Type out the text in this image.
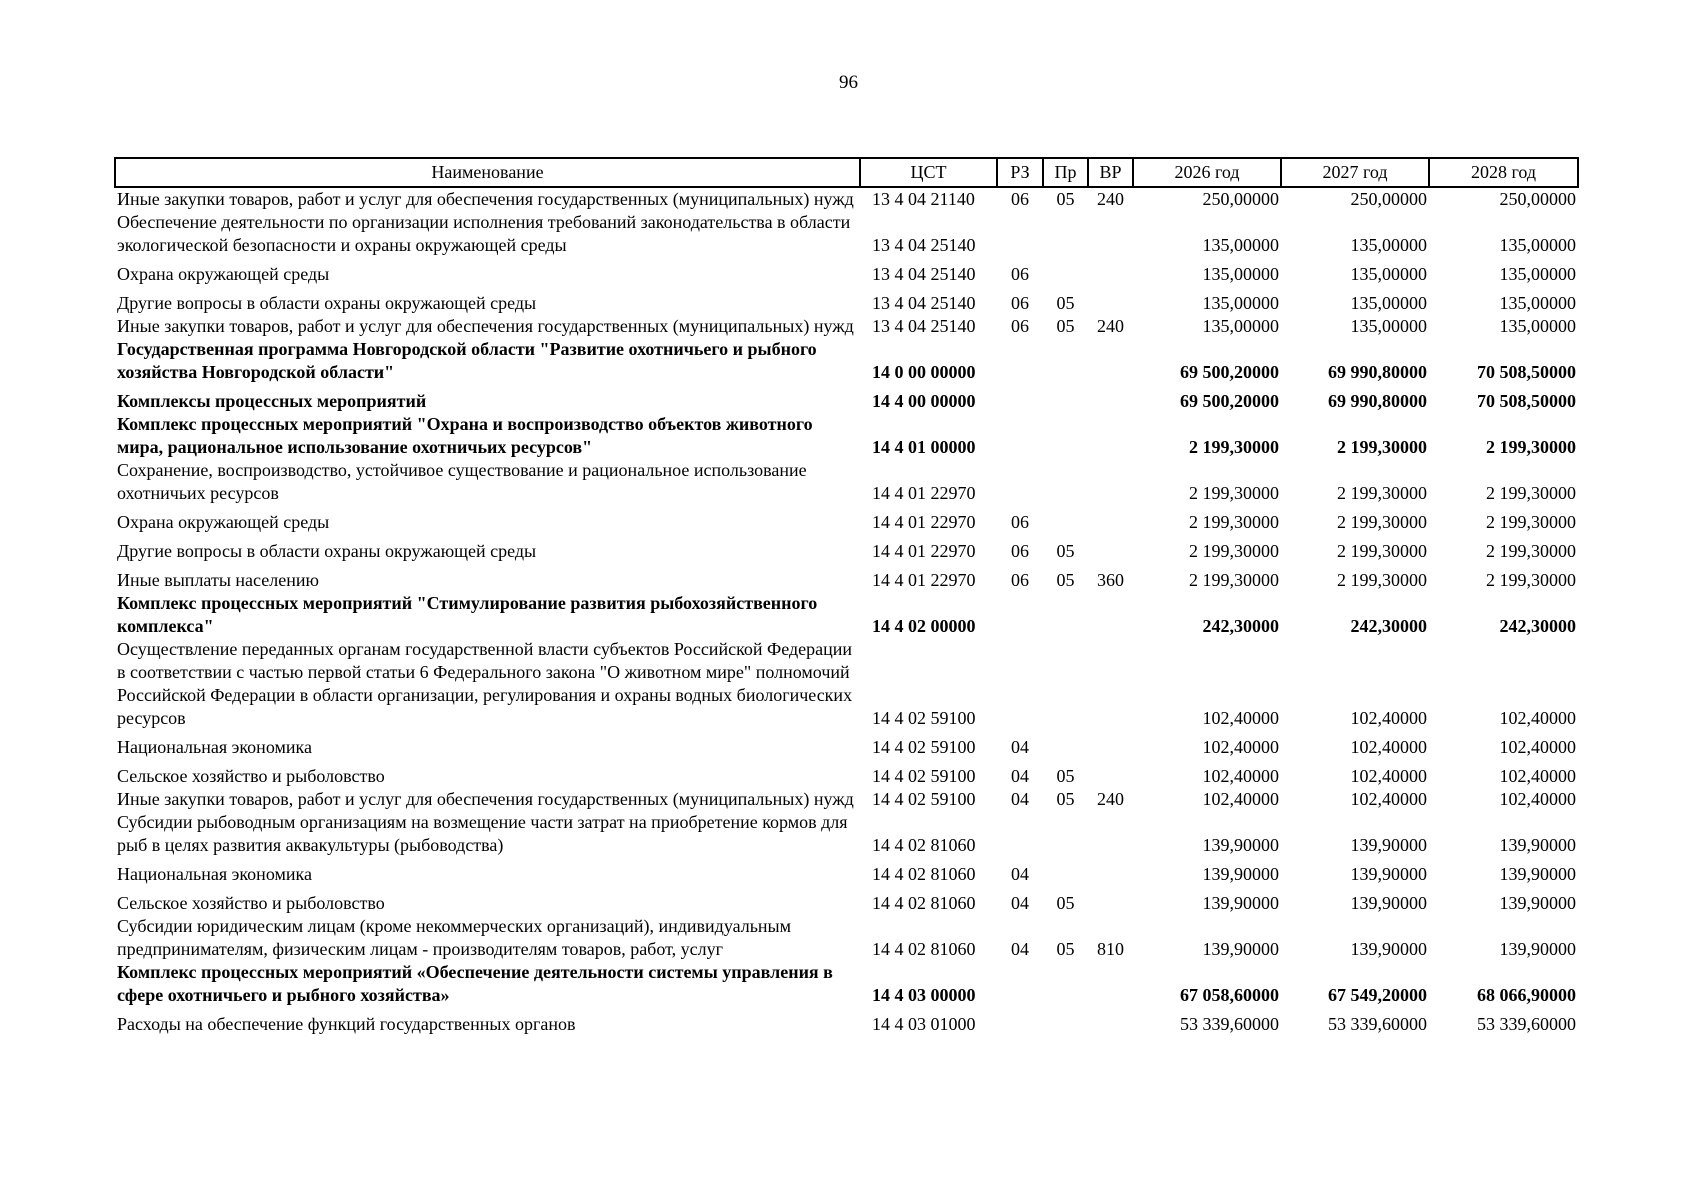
96
Наименование	ЦСТ	РЗ	Пр	ВР	2026 год	2027 год	2028 год
Иные закупки товаров, работ и услуг для обеспечения государственных (муниципальных) нужд	13 4 04 21140	06	05	240	250,00000	250,00000	250,00000
Обеспечение деятельности по организации исполнения требований законодательства в области экологической безопасности и охраны окружающей среды	13 4 04 25140				135,00000	135,00000	135,00000
Охрана окружающей среды	13 4 04 25140	06			135,00000	135,00000	135,00000
Другие вопросы в области охраны окружающей среды	13 4 04 25140	06	05		135,00000	135,00000	135,00000
Иные закупки товаров, работ и услуг для обеспечения государственных (муниципальных) нужд	13 4 04 25140	06	05	240	135,00000	135,00000	135,00000
Государственная программа Новгородской области "Развитие охотничьего и рыбного хозяйства Новгородской области"	14 0 00 00000				69 500,20000	69 990,80000	70 508,50000
Комплексы процессных мероприятий	14 4 00 00000				69 500,20000	69 990,80000	70 508,50000
Комплекс процессных мероприятий "Охрана и воспроизводство объектов животного мира, рациональное использование охотничьих ресурсов"	14 4 01 00000				2 199,30000	2 199,30000	2 199,30000
Сохранение, воспроизводство, устойчивое существование и рациональное использование охотничьих ресурсов	14 4 01 22970				2 199,30000	2 199,30000	2 199,30000
Охрана окружающей среды	14 4 01 22970	06			2 199,30000	2 199,30000	2 199,30000
Другие вопросы в области охраны окружающей среды	14 4 01 22970	06	05		2 199,30000	2 199,30000	2 199,30000
Иные выплаты населению	14 4 01 22970	06	05	360	2 199,30000	2 199,30000	2 199,30000
Комплекс процессных мероприятий "Стимулирование развития рыбохозяйственного комплекса"	14 4 02 00000				242,30000	242,30000	242,30000
Осуществление переданных органам государственной власти субъектов Российской Федерации в соответствии с частью первой статьи 6 Федерального закона "О животном мире" полномочий Российской Федерации в области организации, регулирования и охраны водных биологических ресурсов	14 4 02 59100				102,40000	102,40000	102,40000
Национальная экономика	14 4 02 59100	04			102,40000	102,40000	102,40000
Сельское хозяйство и рыболовство	14 4 02 59100	04	05		102,40000	102,40000	102,40000
Иные закупки товаров, работ и услуг для обеспечения государственных (муниципальных) нужд	14 4 02 59100	04	05	240	102,40000	102,40000	102,40000
Субсидии рыбоводным организациям на возмещение части затрат на приобретение кормов для рыб в целях развития аквакультуры (рыбоводства)	14 4 02 81060				139,90000	139,90000	139,90000
Национальная экономика	14 4 02 81060	04			139,90000	139,90000	139,90000
Сельское хозяйство и рыболовство	14 4 02 81060	04	05		139,90000	139,90000	139,90000
Субсидии юридическим лицам (кроме некоммерческих организаций), индивидуальным предпринимателям, физическим лицам - производителям товаров, работ, услуг	14 4 02 81060	04	05	810	139,90000	139,90000	139,90000
Комплекс процессных мероприятий «Обеспечение деятельности системы управления в сфере охотничьего и рыбного хозяйства»	14 4 03 00000				67 058,60000	67 549,20000	68 066,90000
Расходы на обеспечение функций государственных органов	14 4 03 01000				53 339,60000	53 339,60000	53 339,60000
